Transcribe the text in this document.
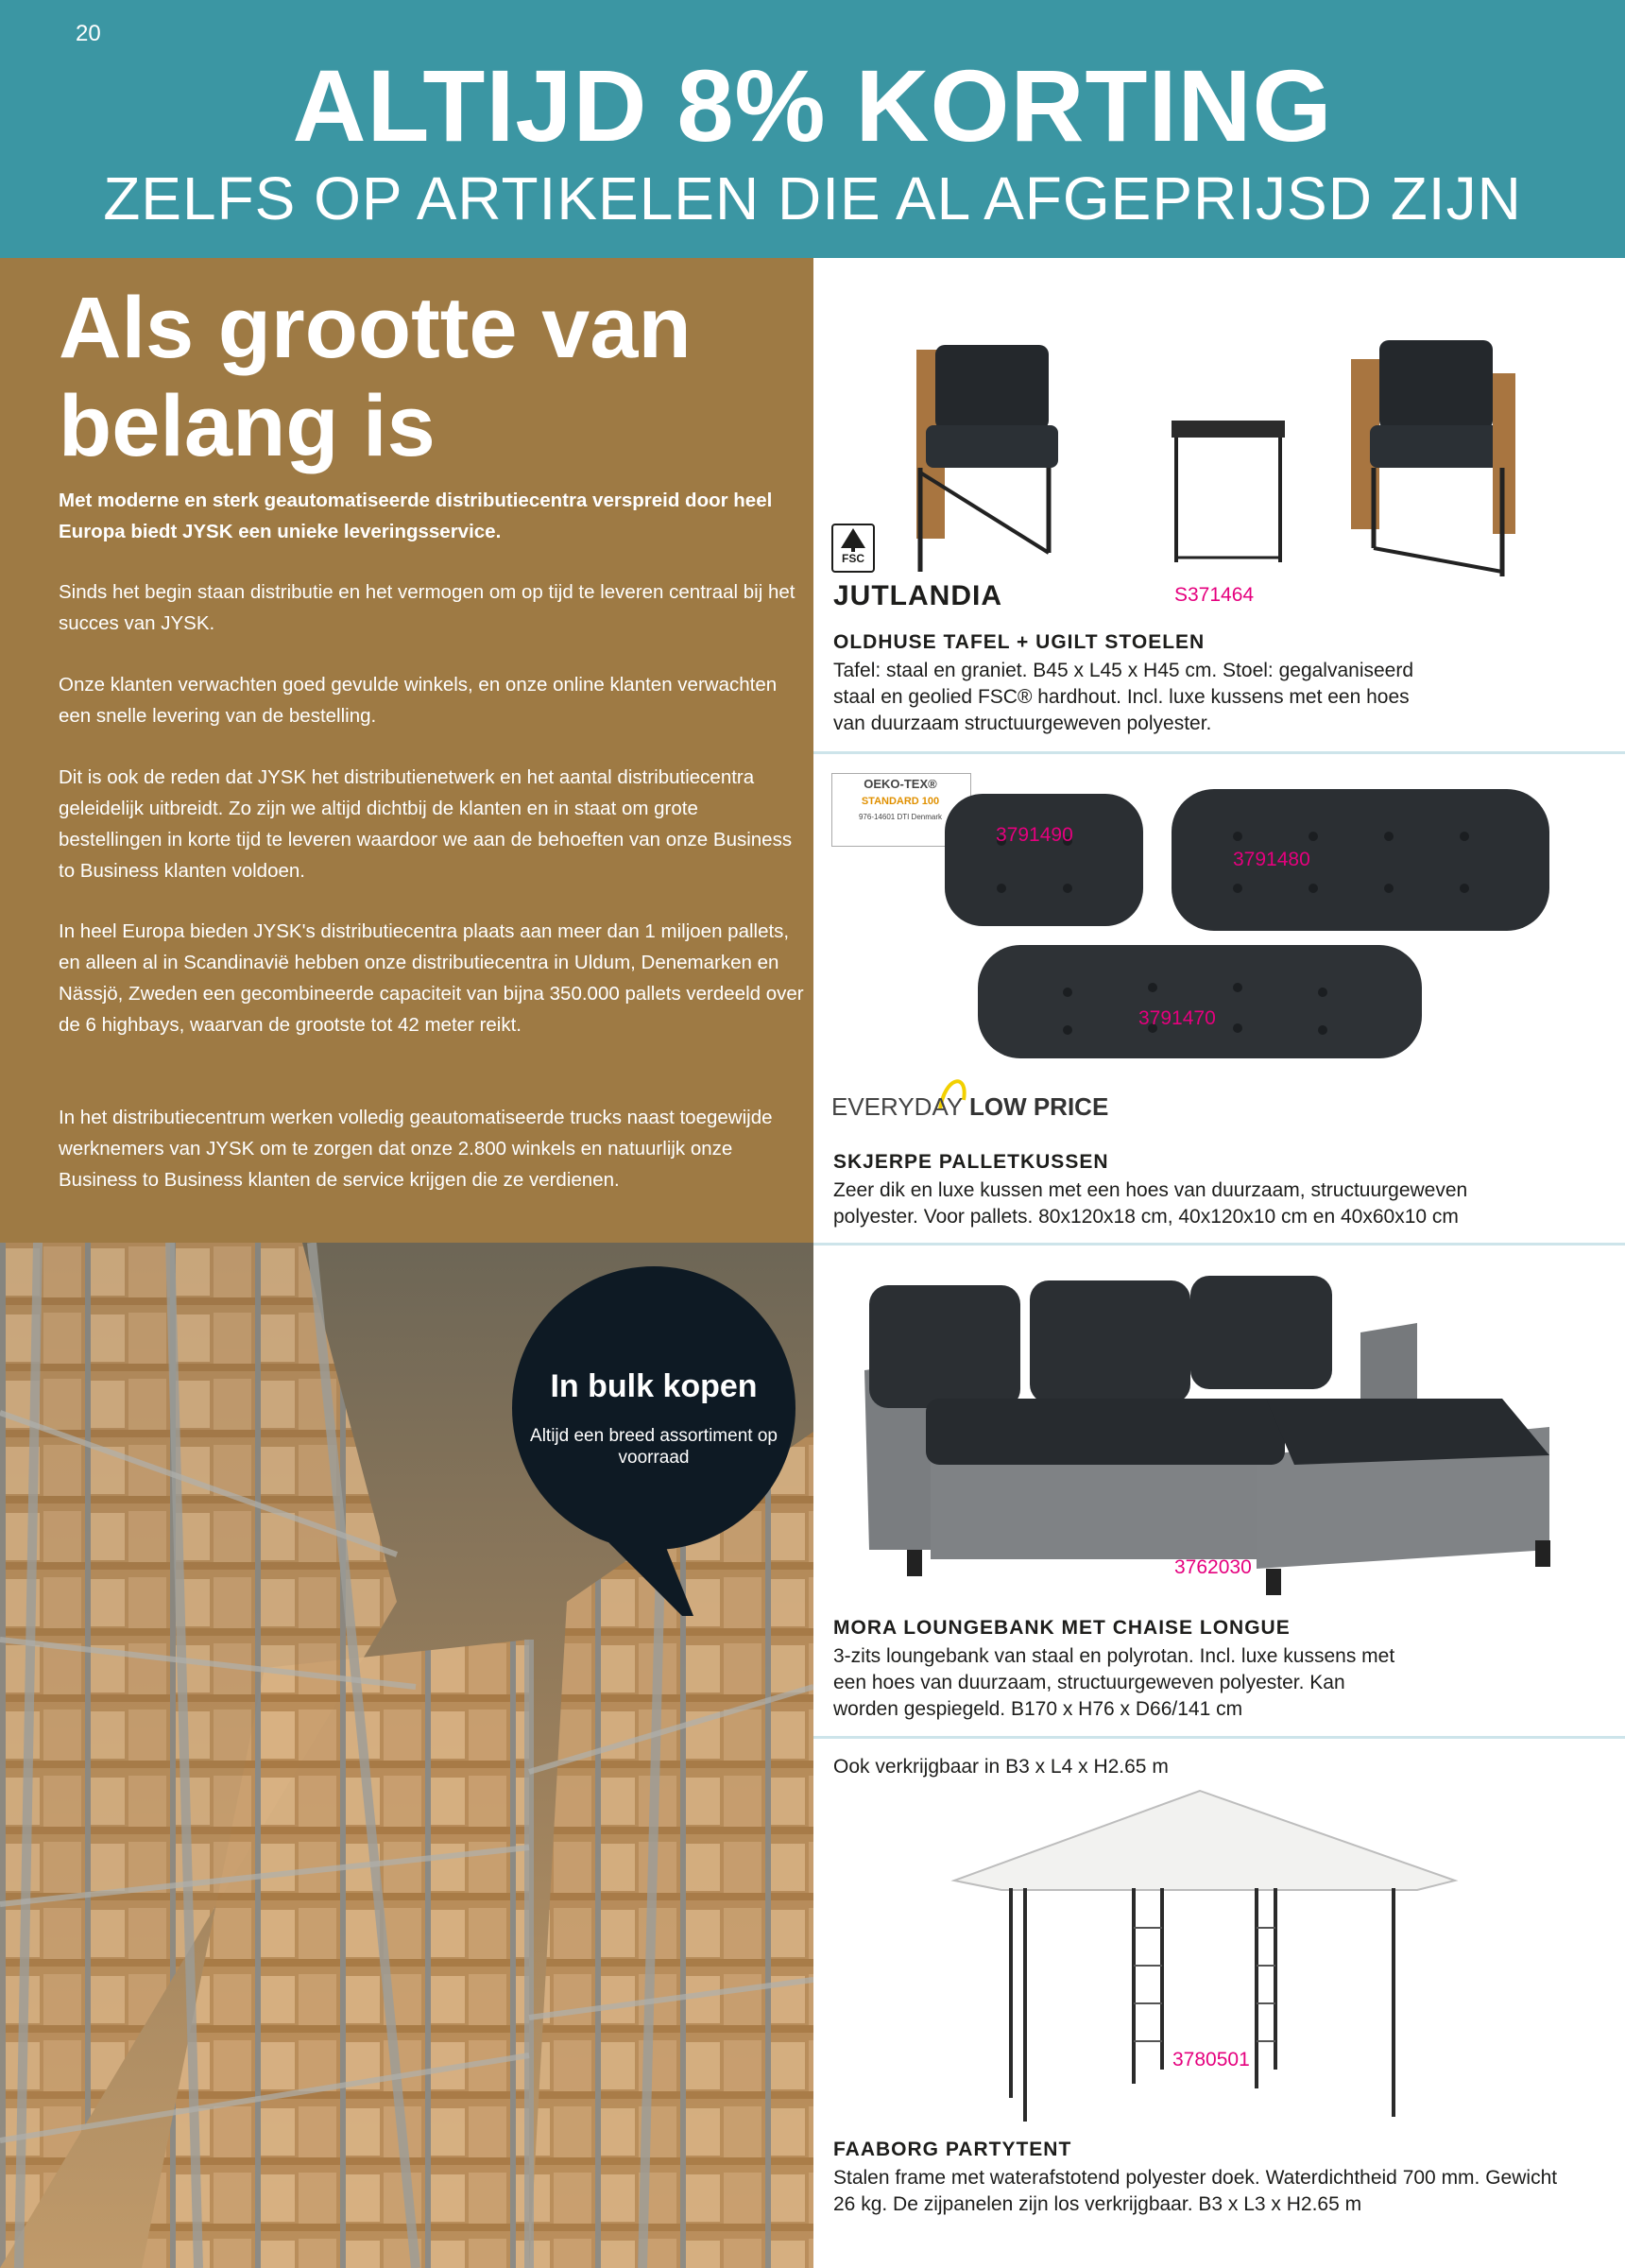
20
ALTIJD 8% KORTING
ZELFS OP ARTIKELEN DIE AL AFGEPRIJSD ZIJN
Als grootte van belang is
Met moderne en sterk geautomatiseerde distributiecentra verspreid door heel Europa biedt JYSK een unieke leveringsservice.
Sinds het begin staan distributie en het vermogen om op tijd te leveren centraal bij het succes van JYSK.
Onze klanten verwachten goed gevulde winkels, en onze online klanten verwachten een snelle levering van de bestelling.
Dit is ook de reden dat JYSK het distributienetwerk en het aantal distributiecentra geleidelijk uitbreidt. Zo zijn we altijd dichtbij de klanten en in staat om grote bestellingen in korte tijd te leveren waardoor we aan de behoeften van onze Business to Business klanten voldoen.
In heel Europa bieden JYSK's distributiecentra plaats aan meer dan 1 miljoen pallets, en alleen al in Scandinavië hebben onze distributiecentra in Uldum, Denemarken en Nässjö, Zweden een gecombineerde capaciteit van bijna 350.000 pallets verdeeld over de 6 highbays, waarvan de grootste tot 42 meter reikt.
In het distributiecentrum werken volledig geautomatiseerde trucks naast toegewijde werknemers van JYSK om te zorgen dat onze 2.800 winkels en natuurlijk onze Business to Business klanten de service krijgen die ze verdienen.
In bulk kopen
Altijd een breed assortiment op voorraad
FSC
JUTLANDIA	S371464
OLDHUSE TAFEL + UGILT STOELEN
Tafel: staal en graniet. B45 x L45 x H45 cm. Stoel: gegalvaniseerd staal en geolied FSC® hardhout. Incl. luxe kussens met een hoes van duurzaam structuurgeweven polyester.
OEKO-TEX®
STANDARD 100
976-14601 DTI Denmark
3791490
3791480
3791470
EVERYDAY LOW PRICE
SKJERPE PALLETKUSSEN
Zeer dik en luxe kussen met een hoes van duurzaam, structuurgeweven polyester. Voor pallets. 80x120x18 cm, 40x120x10 cm en 40x60x10 cm
3762030
MORA LOUNGEBANK MET CHAISE LONGUE
3-zits loungebank van staal en polyrotan. Incl. luxe kussens met een hoes van duurzaam, structuurgeweven polyester. Kan worden gespiegeld. B170 x H76 x D66/141 cm
Ook verkrijgbaar in B3 x L4 x H2.65 m
3780501
FAABORG PARTYTENT
Stalen frame met waterafstotend polyester doek. Waterdichtheid 700 mm. Gewicht 26 kg. De zijpanelen zijn los verkrijgbaar. B3 x L3 x H2.65 m
